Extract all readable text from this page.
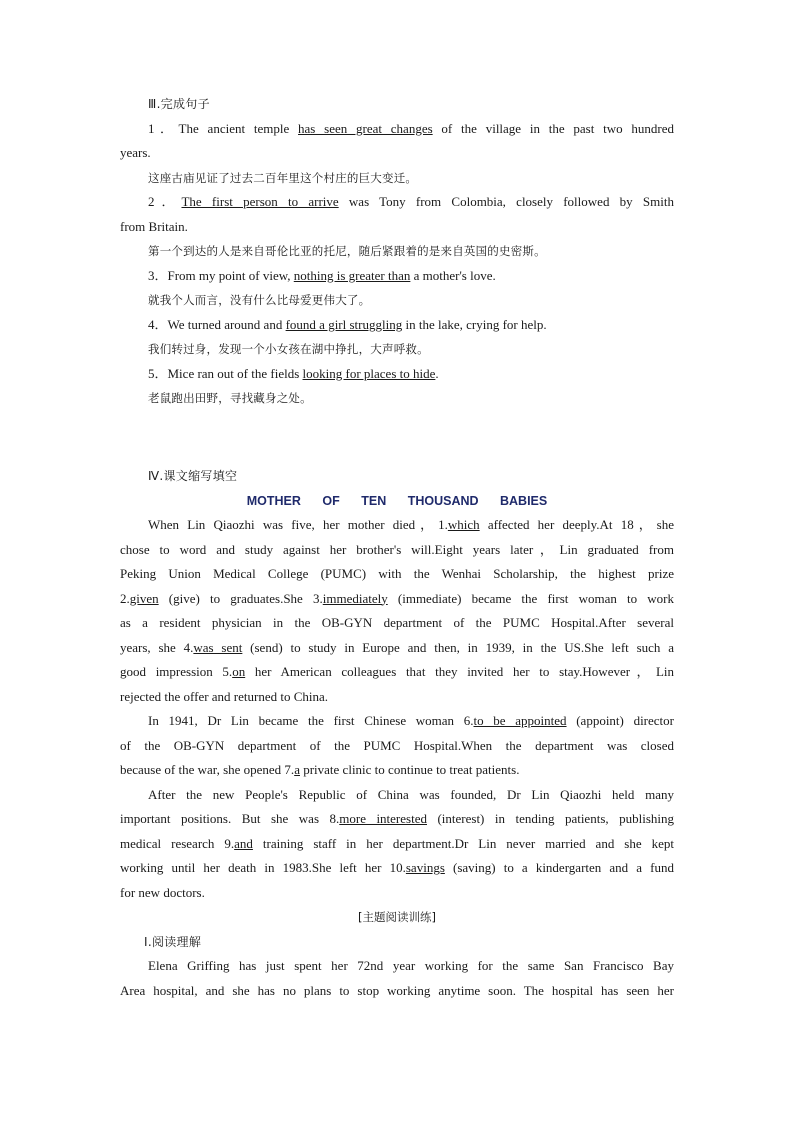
Ⅲ.完成句子
1．The ancient temple has seen great changes of the village in the past two hundred
years.
这座古庙见证了过去二百年里这个村庄的巨大变迁。
2．The first person to arrive was Tony from Colombia, closely followed by Smith
from Britain.
第一个到达的人是来自哥伦比亚的托尼，随后紧跟着的是来自英国的史密斯。
3．From my point of view, nothing is greater than a mother's love.
就我个人而言，没有什么比母爱更伟大了。
4．We turned around and found a girl struggling in the lake, crying for help.
我们转过身，发现一个小女孩在湖中挣扎，大声呼救。
5．Mice ran out of the fields looking for places to hide.
老鼠跑出田野，寻找藏身之处。
Ⅳ.课文缩写填空
MOTHER OF TEN THOUSAND BABIES
When Lin Qiaozhi was five, her mother died，1.which affected her deeply.At 18，she
chose to word and study against her brother's will.Eight years later，Lin graduated from
Peking Union Medical College (PUMC) with the Wenhai Scholarship, the highest prize
2.given (give) to graduates.She 3.immediately (immediate) became the first woman to work
as a resident physician in the OB-GYN department of the PUMC Hospital.After several
years, she 4.was sent (send) to study in Europe and then, in 1939, in the US.She left such a
good impression 5.on her American colleagues that they invited her to stay.However，Lin
rejected the offer and returned to China.
In 1941, Dr Lin became the first Chinese woman 6.to be appointed (appoint) director
of the OB-GYN department of the PUMC Hospital.When the department was closed
because of the war, she opened 7.a private clinic to continue to treat patients.
After the new People's Republic of China was founded, Dr Lin Qiaozhi held many
important positions. But she was 8.more interested (interest) in tending patients, publishing
medical research 9.and training staff in her department.Dr Lin never married and she kept
working until her death in 1983.She left her 10.savings (saving) to a kindergarten and a fund
for new doctors.
[主题阅读训练]
Ⅰ.阅读理解
Elena Griffing has just spent her 72nd year working for the same San Francisco Bay
Area hospital, and she has no plans to stop working anytime soon. The hospital has seen her
